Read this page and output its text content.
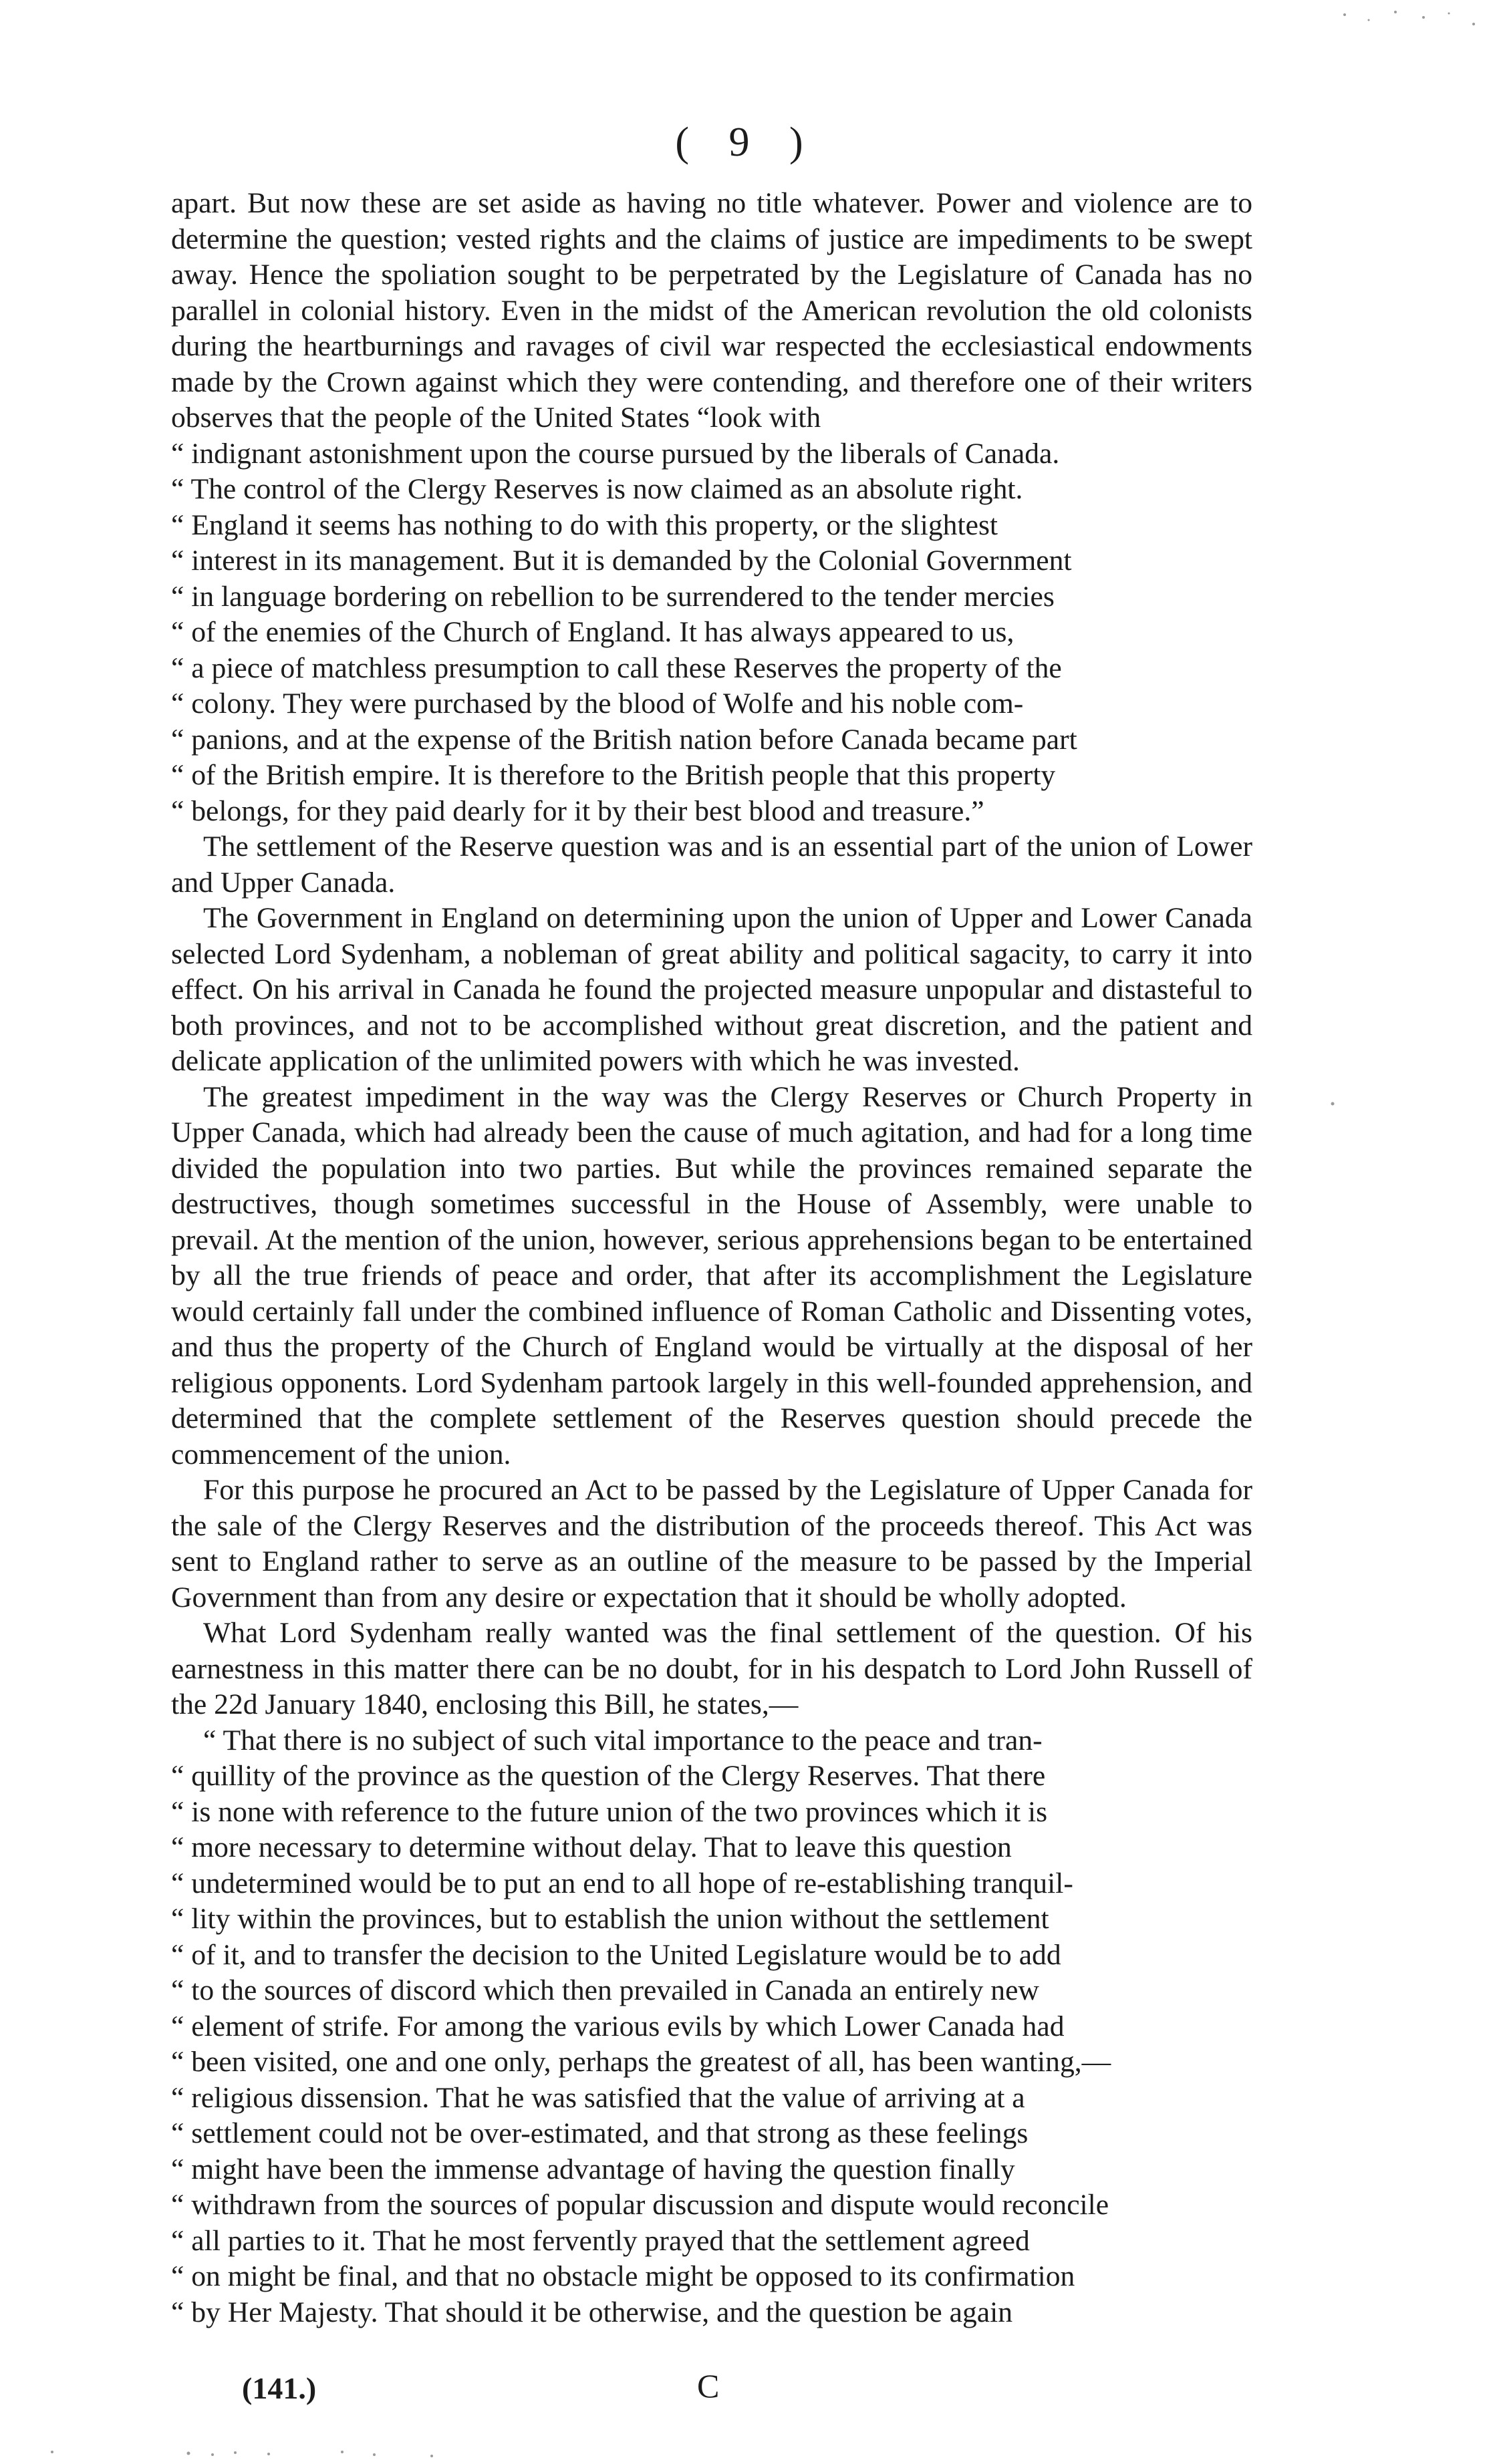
( 9 )

apart. But now these are set aside as having no title whatever. Power and violence are to determine the question; vested rights and the claims of justice are impediments to be swept away. Hence the spoliation sought to be perpetrated by the Legislature of Canada has no parallel in colonial history. Even in the midst of the American revolution the old colonists during the heartburnings and ravages of civil war respected the ecclesiastical endowments made by the Crown against which they were contending, and therefore one of their writers observes that the people of the United States “look with

“ indignant astonishment upon the course pursued by the liberals of Canada.
“ The control of the Clergy Reserves is now claimed as an absolute right.
“ England it seems has nothing to do with this property, or the slightest
“ interest in its management. But it is demanded by the Colonial Government
“ in language bordering on rebellion to be surrendered to the tender mercies
“ of the enemies of the Church of England. It has always appeared to us,
“ a piece of matchless presumption to call these Reserves the property of the
“ colony. They were purchased by the blood of Wolfe and his noble com-
“ panions, and at the expense of the British nation before Canada became part
“ of the British empire. It is therefore to the British people that this property
“ belongs, for they paid dearly for it by their best blood and treasure.”

The settlement of the Reserve question was and is an essential part of the union of Lower and Upper Canada.

The Government in England on determining upon the union of Upper and Lower Canada selected Lord Sydenham, a nobleman of great ability and political sagacity, to carry it into effect. On his arrival in Canada he found the projected measure unpopular and distasteful to both provinces, and not to be accomplished without great discretion, and the patient and delicate application of the unlimited powers with which he was invested.

The greatest impediment in the way was the Clergy Reserves or Church Property in Upper Canada, which had already been the cause of much agitation, and had for a long time divided the population into two parties. But while the provinces remained separate the destructives, though sometimes successful in the House of Assembly, were unable to prevail. At the mention of the union, however, serious apprehensions began to be entertained by all the true friends of peace and order, that after its accomplishment the Legislature would certainly fall under the combined influence of Roman Catholic and Dissenting votes, and thus the property of the Church of England would be virtually at the disposal of her religious opponents. Lord Sydenham partook largely in this well-founded apprehension, and determined that the complete settlement of the Reserves question should precede the commencement of the union.

For this purpose he procured an Act to be passed by the Legislature of Upper Canada for the sale of the Clergy Reserves and the distribution of the proceeds thereof. This Act was sent to England rather to serve as an outline of the measure to be passed by the Imperial Government than from any desire or expectation that it should be wholly adopted.

What Lord Sydenham really wanted was the final settlement of the question. Of his earnestness in this matter there can be no doubt, for in his despatch to Lord John Russell of the 22d January 1840, enclosing this Bill, he states,—

“ That there is no subject of such vital importance to the peace and tran-
“ quillity of the province as the question of the Clergy Reserves. That there
“ is none with reference to the future union of the two provinces which it is
“ more necessary to determine without delay. That to leave this question
“ undetermined would be to put an end to all hope of re-establishing tranquil-
“ lity within the provinces, but to establish the union without the settlement
“ of it, and to transfer the decision to the United Legislature would be to add
“ to the sources of discord which then prevailed in Canada an entirely new
“ element of strife. For among the various evils by which Lower Canada had
“ been visited, one and one only, perhaps the greatest of all, has been wanting,—
“ religious dissension. That he was satisfied that the value of arriving at a
“ settlement could not be over-estimated, and that strong as these feelings
“ might have been the immense advantage of having the question finally
“ withdrawn from the sources of popular discussion and dispute would reconcile
“ all parties to it. That he most fervently prayed that the settlement agreed
“ on might be final, and that no obstacle might be opposed to its confirmation
“ by Her Majesty. That should it be otherwise, and the question be again
(141.)	C
